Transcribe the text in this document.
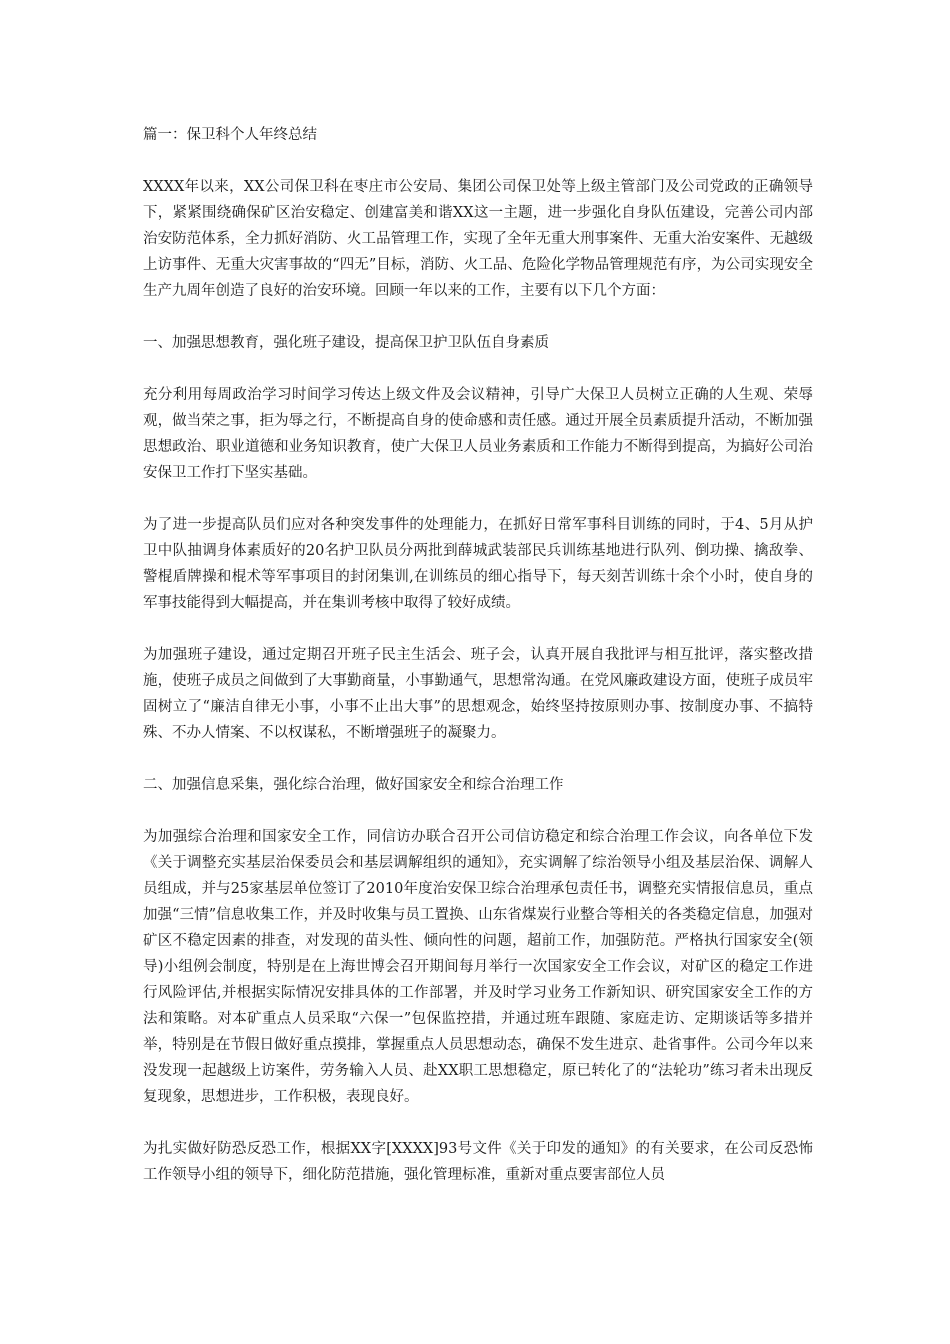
篇一：保卫科个人年终总结

XXXX年以来，XX公司保卫科在枣庄市公安局、集团公司保卫处等上级主管部门及公司党政的正确领导下，紧紧围绕确保矿区治安稳定、创建富美和谐XX这一主题，进一步强化自身队伍建设，完善公司内部治安防范体系，全力抓好消防、火工品管理工作，实现了全年无重大刑事案件、无重大治安案件、无越级上访事件、无重大灾害事故的“四无”目标，消防、火工品、危险化学物品管理规范有序，为公司实现安全生产九周年创造了良好的治安环境。回顾一年以来的工作，主要有以下几个方面：

一、加强思想教育，强化班子建设，提高保卫护卫队伍自身素质

充分利用每周政治学习时间学习传达上级文件及会议精神，引导广大保卫人员树立正确的人生观、荣辱观，做当荣之事，拒为辱之行，不断提高自身的使命感和责任感。通过开展全员素质提升活动，不断加强思想政治、职业道德和业务知识教育，使广大保卫人员业务素质和工作能力不断得到提高，为搞好公司治安保卫工作打下坚实基础。

为了进一步提高队员们应对各种突发事件的处理能力，在抓好日常军事科目训练的同时，于4、5月从护卫中队抽调身体素质好的20名护卫队员分两批到薛城武装部民兵训练基地进行队列、倒功操、擒敌拳、警棍盾牌操和棍术等军事项目的封闭集训,在训练员的细心指导下，每天刻苦训练十余个小时，使自身的军事技能得到大幅提高，并在集训考核中取得了较好成绩。

为加强班子建设，通过定期召开班子民主生活会、班子会，认真开展自我批评与相互批评，落实整改措施，使班子成员之间做到了大事勤商量，小事勤通气，思想常沟通。在党风廉政建设方面，使班子成员牢固树立了“廉洁自律无小事，小事不止出大事”的思想观念，始终坚持按原则办事、按制度办事、不搞特殊、不办人情案、不以权谋私，不断增强班子的凝聚力。

二、加强信息采集，强化综合治理，做好国家安全和综合治理工作

为加强综合治理和国家安全工作，同信访办联合召开公司信访稳定和综合治理工作会议，向各单位下发《关于调整充实基层治保委员会和基层调解组织的通知》，充实调解了综治领导小组及基层治保、调解人员组成，并与25家基层单位签订了2010年度治安保卫综合治理承包责任书，调整充实情报信息员，重点加强“三情”信息收集工作，并及时收集与员工置换、山东省煤炭行业整合等相关的各类稳定信息，加强对矿区不稳定因素的排查，对发现的苗头性、倾向性的问题，超前工作，加强防范。严格执行国家安全(领导)小组例会制度，特别是在上海世博会召开期间每月举行一次国家安全工作会议，对矿区的稳定工作进行风险评估,并根据实际情况安排具体的工作部署，并及时学习业务工作新知识、研究国家安全工作的方法和策略。对本矿重点人员采取“六保一”包保监控措，并通过班车跟随、家庭走访、定期谈话等多措并举，特别是在节假日做好重点摸排，掌握重点人员思想动态，确保不发生进京、赴省事件。公司今年以来没发现一起越级上访案件，劳务输入人员、赴XX职工思想稳定，原已转化了的“法轮功”练习者未出现反复现象，思想进步，工作积极，表现良好。

为扎实做好防恐反恐工作，根据XX字[XXXX]93号文件《关于印发的通知》的有关要求，在公司反恐怖工作领导小组的领导下，细化防范措施，强化管理标准，重新对重点要害部位人员
